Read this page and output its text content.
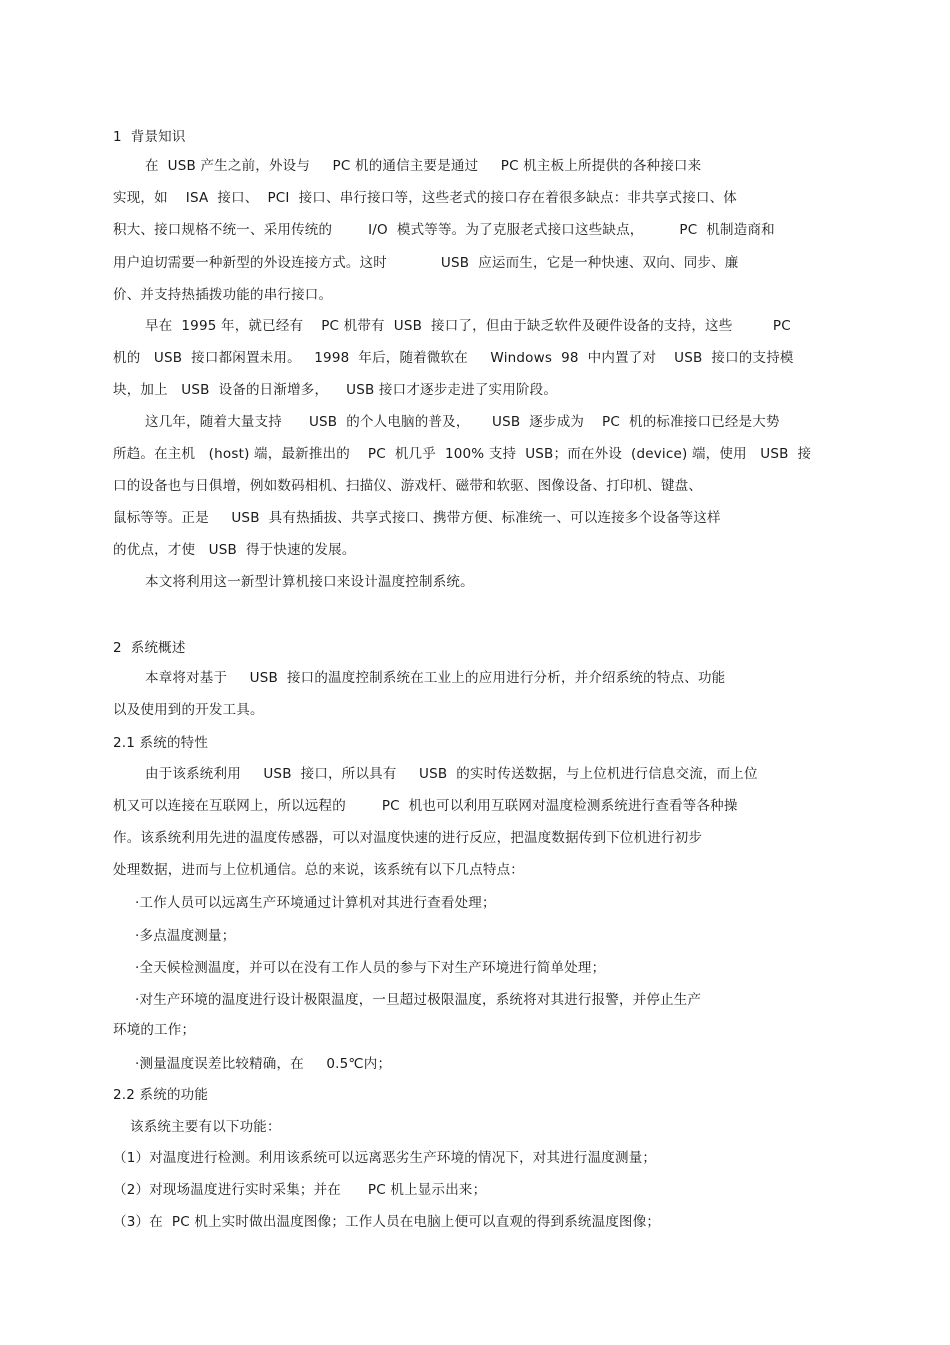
1  背景知识
在  USB 产生之前，外设与     PC 机的通信主要是通过     PC 机主板上所提供的各种接口来
实现，如    ISA  接口、  PCI  接口、串行接口等，这些老式的接口存在着很多缺点：非共享式接口、体
积大、接口规格不统一、采用传统的        I/O  模式等等。为了克服老式接口这些缺点，        PC  机制造商和
用户迫切需要一种新型的外设连接方式。这时            USB  应运而生，它是一种快速、双向、同步、廉
价、并支持热插拨功能的串行接口。
早在  1995 年，就已经有    PC 机带有  USB  接口了，但由于缺乏软件及硬件设备的支持，这些         PC
机的   USB  接口都闲置未用。   1998  年后，随着微软在     Windows  98  中内置了对    USB  接口的支持模
块，加上   USB  设备的日渐增多，    USB 接口才逐步走进了实用阶段。
这几年，随着大量支持      USB  的个人电脑的普及，     USB  逐步成为    PC  机的标准接口已经是大势
所趋。在主机   (host) 端，最新推出的    PC  机几乎  100% 支持  USB；而在外设  (device) 端，使用   USB  接
口的设备也与日俱增，例如数码相机、扫描仪、游戏杆、磁带和软驱、图像设备、打印机、键盘、
鼠标等等。正是     USB  具有热插拔、共享式接口、携带方便、标准统一、可以连接多个设备等这样
的优点，才使   USB  得于快速的发展。
本文将利用这一新型计算机接口来设计温度控制系统。
2  系统概述
本章将对基于     USB  接口的温度控制系统在工业上的应用进行分析，并介绍系统的特点、功能
以及使用到的开发工具。
2.1 系统的特性
由于该系统利用     USB  接口，所以具有     USB  的实时传送数据，与上位机进行信息交流，而上位
机又可以连接在互联网上，所以远程的        PC  机也可以利用互联网对温度检测系统进行查看等各种操
作。该系统利用先进的温度传感器，可以对温度快速的进行反应，把温度数据传到下位机进行初步
处理数据，进而与上位机通信。总的来说，该系统有以下几点特点：
·工作人员可以远离生产环境通过计算机对其进行查看处理；
·多点温度测量；
·全天候检测温度，并可以在没有工作人员的参与下对生产环境进行简单处理；
·对生产环境的温度进行设计极限温度，一旦超过极限温度，系统将对其进行报警，并停止生产
环境的工作；
·测量温度误差比较精确，在     0.5℃内；
2.2 系统的功能
该系统主要有以下功能：
（1）对温度进行检测。利用该系统可以远离恶劣生产环境的情况下，对其进行温度测量；
（2）对现场温度进行实时采集；并在      PC 机上显示出来；
（3）在  PC 机上实时做出温度图像；工作人员在电脑上便可以直观的得到系统温度图像；
